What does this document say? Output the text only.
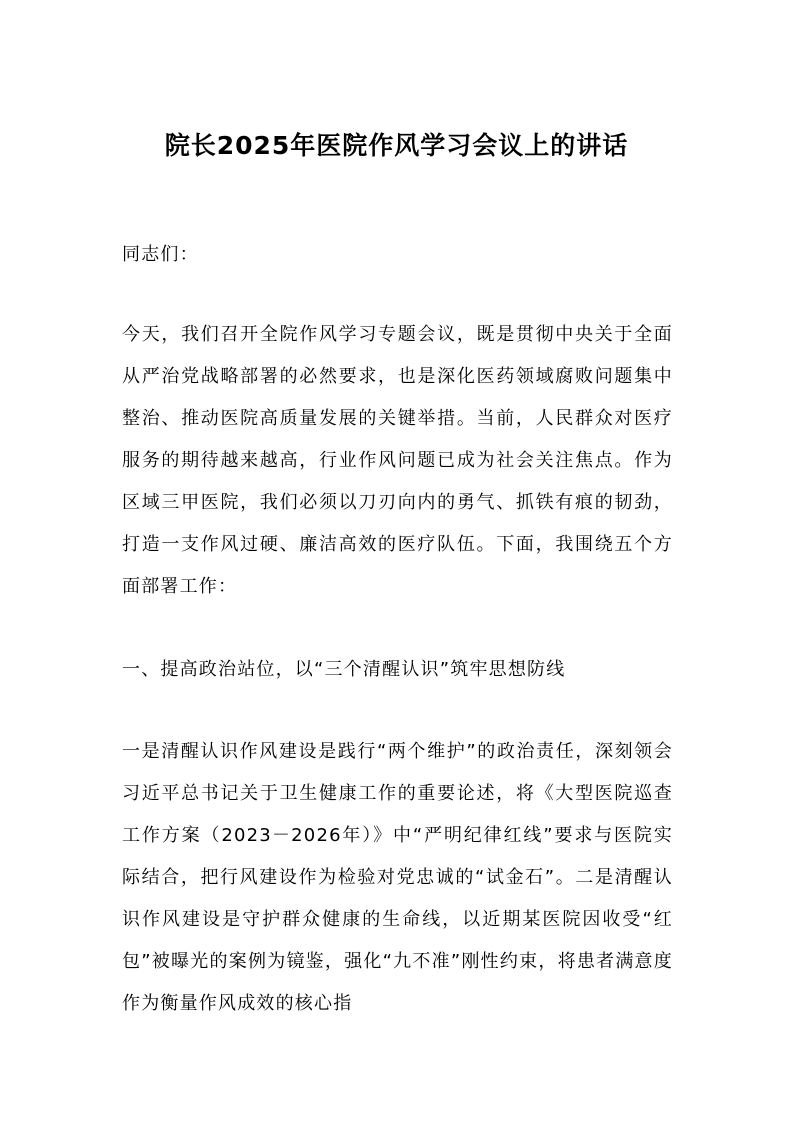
院长2025年医院作风学习会议上的讲话

同志们：

今天，我们召开全院作风学习专题会议，既是贯彻中央关于全面从严治党战略部署的必然要求，也是深化医药领域腐败问题集中整治、推动医院高质量发展的关键举措。当前，人民群众对医疗服务的期待越来越高，行业作风问题已成为社会关注焦点。作为区域三甲医院，我们必须以刀刃向内的勇气、抓铁有痕的韧劲，打造一支作风过硬、廉洁高效的医疗队伍。下面，我围绕五个方面部署工作：

一、提高政治站位，以“三个清醒认识”筑牢思想防线

一是清醒认识作风建设是践行“两个维护”的政治责任，深刻领会习近平总书记关于卫生健康工作的重要论述，将《大型医院巡查工作方案（2023－2026年）》中“严明纪律红线”要求与医院实际结合，把行风建设作为检验对党忠诚的“试金石”。二是清醒认识作风建设是守护群众健康的生命线，以近期某医院因收受“红包”被曝光的案例为镜鉴，强化“九不准”刚性约束，将患者满意度作为衡量作风成效的核心指
